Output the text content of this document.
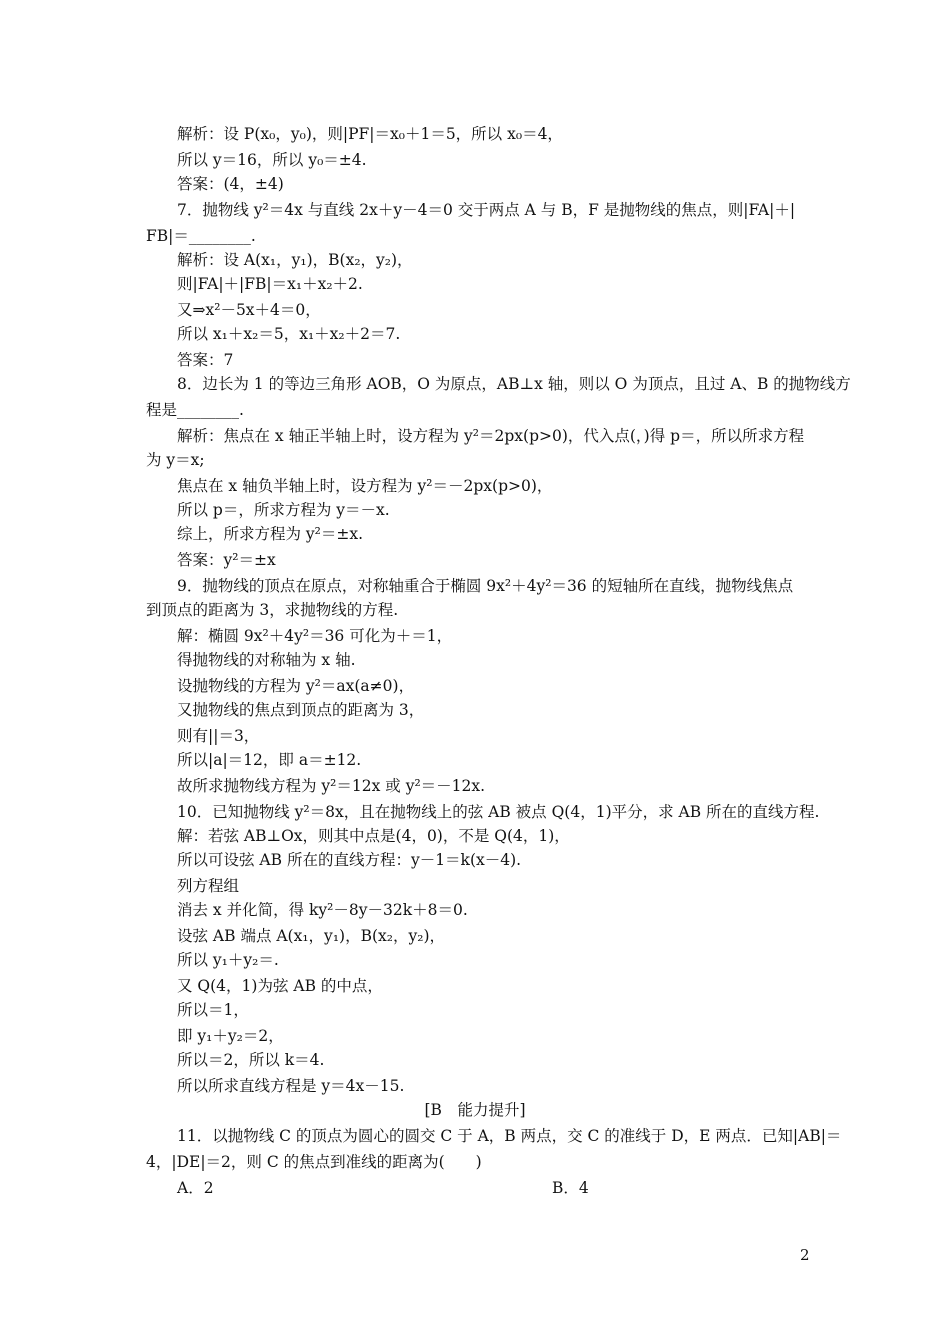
解析：设 P(x₀，y₀)，则|PF|＝x₀＋1＝5，所以 x₀＝4，
所以 y＝16，所以 y₀＝±4.
答案：(4，±4)
7．抛物线 y²＝4x 与直线 2x＋y－4＝0 交于两点 A 与 B，F 是抛物线的焦点，则|FA|＋|
FB|＝________.
解析：设 A(x₁，y₁)，B(x₂，y₂)，
则|FA|＋|FB|＝x₁＋x₂＋2.
又⇒x²－5x＋4＝0，
所以 x₁＋x₂＝5，x₁＋x₂＋2＝7.
答案：7
8．边长为 1 的等边三角形 AOB，O 为原点，AB⊥x 轴，则以 O 为顶点，且过 A、B 的抛物线方
程是________.
解析：焦点在 x 轴正半轴上时，设方程为 y²＝2px(p>0)，代入点(，)得 p＝，所以所求方程
为 y＝x;
焦点在 x 轴负半轴上时，设方程为 y²＝－2px(p>0)，
所以 p＝，所求方程为 y＝－x.
综上，所求方程为 y²＝±x.
答案：y²＝±x
9．抛物线的顶点在原点，对称轴重合于椭圆 9x²＋4y²＝36 的短轴所在直线，抛物线焦点
到顶点的距离为 3，求抛物线的方程.
解：椭圆 9x²＋4y²＝36 可化为＋＝1，
得抛物线的对称轴为 x 轴.
设抛物线的方程为 y²＝ax(a≠0)，
又抛物线的焦点到顶点的距离为 3，
则有||＝3，
所以|a|＝12，即 a＝±12.
故所求抛物线方程为 y²＝12x 或 y²＝－12x.
10．已知抛物线 y²＝8x，且在抛物线上的弦 AB 被点 Q(4，1)平分，求 AB 所在的直线方程.
解：若弦 AB⊥Ox，则其中点是(4，0)，不是 Q(4，1)，
所以可设弦 AB 所在的直线方程：y－1＝k(x－4).
列方程组
消去 x 并化简，得 ky²－8y－32k＋8＝0.
设弦 AB 端点 A(x₁，y₁)，B(x₂，y₂)，
所以 y₁＋y₂＝.
又 Q(4，1)为弦 AB 的中点，
所以＝1，
即 y₁＋y₂＝2，
所以＝2，所以 k＝4.
所以所求直线方程是 y＝4x－15.
[B　能力提升]
11．以抛物线 C 的顶点为圆心的圆交 C 于 A，B 两点，交 C 的准线于 D，E 两点．已知|AB|＝
4，|DE|＝2，则 C 的焦点到准线的距离为(　　)
A．2	B．4
2
